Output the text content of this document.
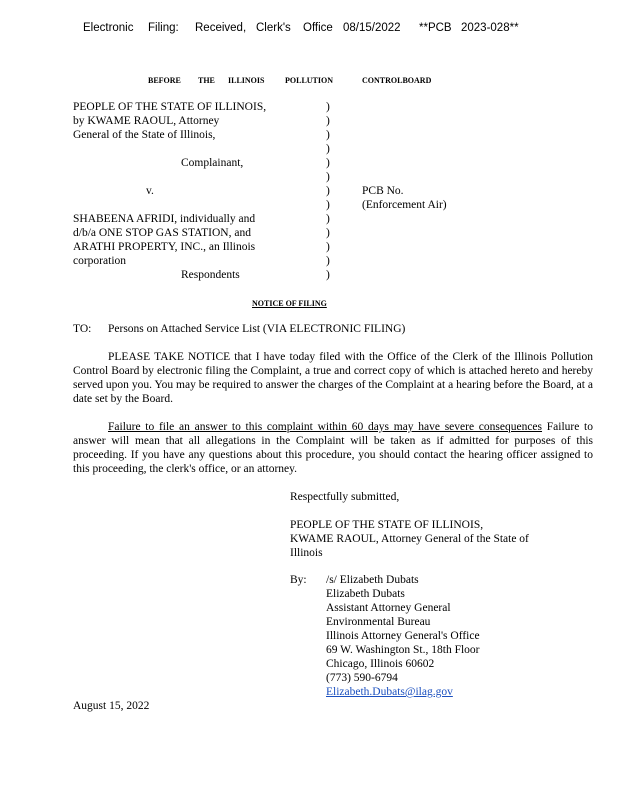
Electronic Filing: Received, Clerk's Office 08/15/2022 **PCB 2023-028**
BEFORE THE ILLINOIS	POLLUTION	CONTROLBOARD
PEOPLE OF THE STATE OF ILLINOIS,
by KWAME RAOUL, Attorney
General of the State of Illinois,
Complainant,
v.
SHABEENA AFRIDI, individually and
d/b/a ONE STOP GAS STATION, and
ARATHI PROPERTY, INC., an Illinois
corporation
Respondents
)
)
)
)
)
)
)
)
)
)
)
)
)
PCB No.
(Enforcement Air)
NOTICE OF FILING
TO: Persons on Attached Service List (VIA ELECTRONIC FILING)
PLEASE TAKE NOTICE that I have today filed with the Office of the Clerk of the Illinois Pollution Control Board by electronic filing the Complaint, a true and correct copy of which is attached hereto and hereby served upon you. You may be required to answer the charges of the Complaint at a hearing before the Board, at a date set by the Board.
Failure to file an answer to this complaint within 60 days may have severe consequences Failure to answer will mean that all allegations in the Complaint will be taken as if admitted for purposes of this proceeding. If you have any questions about this procedure, you should contact the hearing officer assigned to this proceeding, the clerk's office, or an attorney.
Respectfully submitted,
PEOPLE OF THE STATE OF ILLINOIS,
KWAME RAOUL, Attorney General of the State of
Illinois
By: /s/ Elizabeth Dubats
Elizabeth Dubats
Assistant Attorney General
Environmental Bureau
Illinois Attorney General's Office
69 W. Washington St., 18th Floor
Chicago, Illinois 60602
(773) 590-6794
Elizabeth.Dubats@ilag.gov
August 15, 2022
